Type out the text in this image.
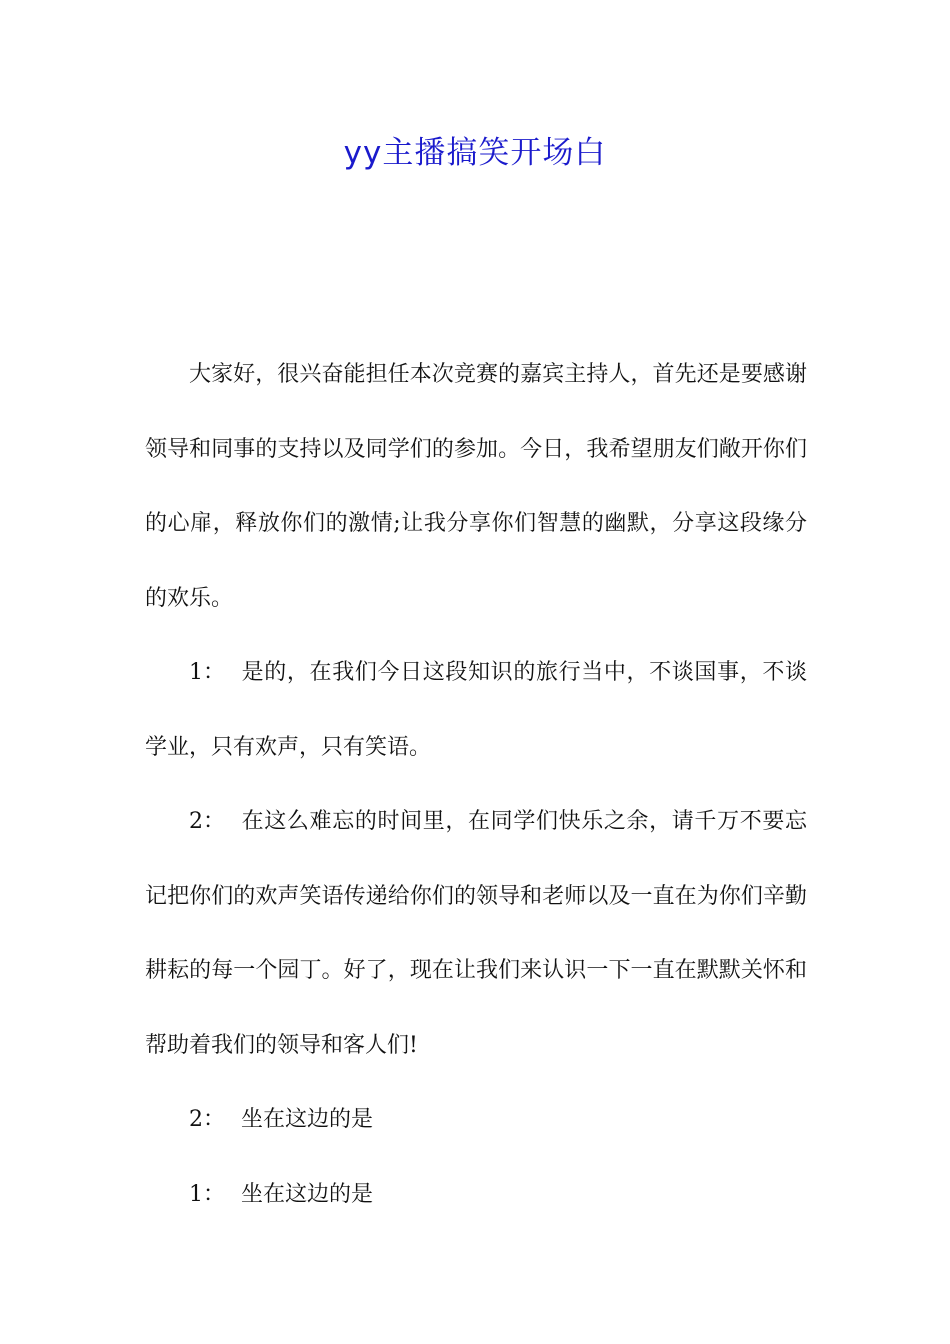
yy主播搞笑开场白

大家好，很兴奋能担任本次竞赛的嘉宾主持人，首先还是要感谢领导和同事的支持以及同学们的参加。今日，我希望朋友们敞开你们的心扉，释放你们的激情;让我分享你们智慧的幽默，分享这段缘分的欢乐。

1： 是的，在我们今日这段知识的旅行当中，不谈国事，不谈学业，只有欢声，只有笑语。

2： 在这么难忘的时间里，在同学们快乐之余，请千万不要忘记把你们的欢声笑语传递给你们的领导和老师以及一直在为你们辛勤耕耘的每一个园丁。好了，现在让我们来认识一下一直在默默关怀和帮助着我们的领导和客人们!

2： 坐在这边的是

1： 坐在这边的是
